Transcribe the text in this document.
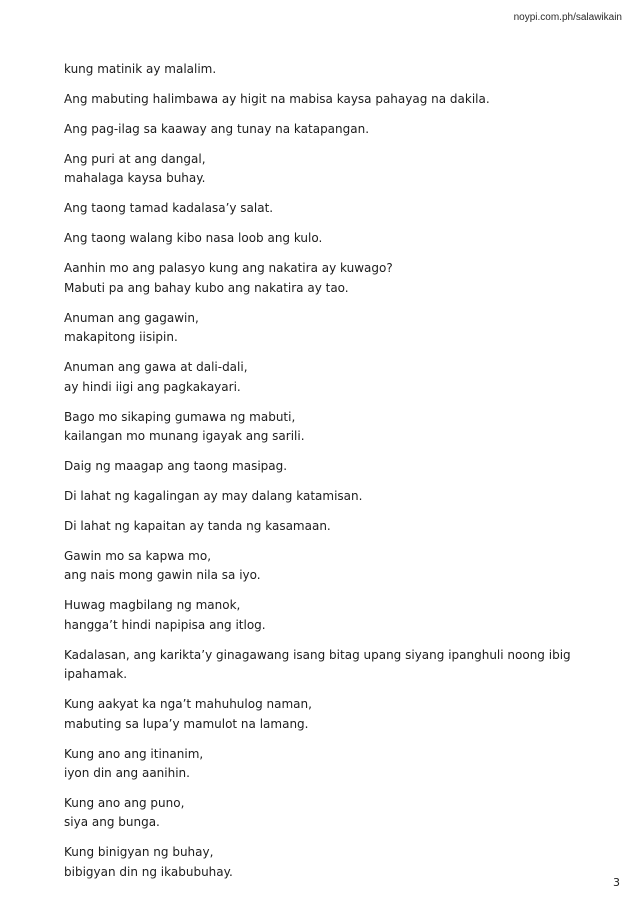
noypi.com.ph/salawikain

kung matinik ay malalim.

Ang mabuting halimbawa ay higit na mabisa kaysa pahayag na dakila.

Ang pag-ilag sa kaaway ang tunay na katapangan.

Ang puri at ang dangal,
mahalaga kaysa buhay.

Ang taong tamad kadalasa’y salat.

Ang taong walang kibo nasa loob ang kulo.

Aanhin mo ang palasyo kung ang nakatira ay kuwago?
Mabuti pa ang bahay kubo ang nakatira ay tao.

Anuman ang gagawin,
makapitong iisipin.

Anuman ang gawa at dali-dali,
ay hindi iigi ang pagkakayari.

Bago mo sikaping gumawa ng mabuti,
kailangan mo munang igayak ang sarili.

Daig ng maagap ang taong masipag.

Di lahat ng kagalingan ay may dalang katamisan.

Di lahat ng kapaitan ay tanda ng kasamaan.

Gawin mo sa kapwa mo,
ang nais mong gawin nila sa iyo.

Huwag magbilang ng manok,
hangga’t hindi napipisa ang itlog.

Kadalasan, ang karikta’y ginagawang isang bitag upang siyang ipanghuli noong ibig
ipahamak.

Kung aakyat ka nga’t mahuhulog naman,
mabuting sa lupa’y mamulot na lamang.

Kung ano ang itinanim,
iyon din ang aanihin.

Kung ano ang puno,
siya ang bunga.

Kung binigyan ng buhay,
bibigyan din ng ikabubuhay.

3
